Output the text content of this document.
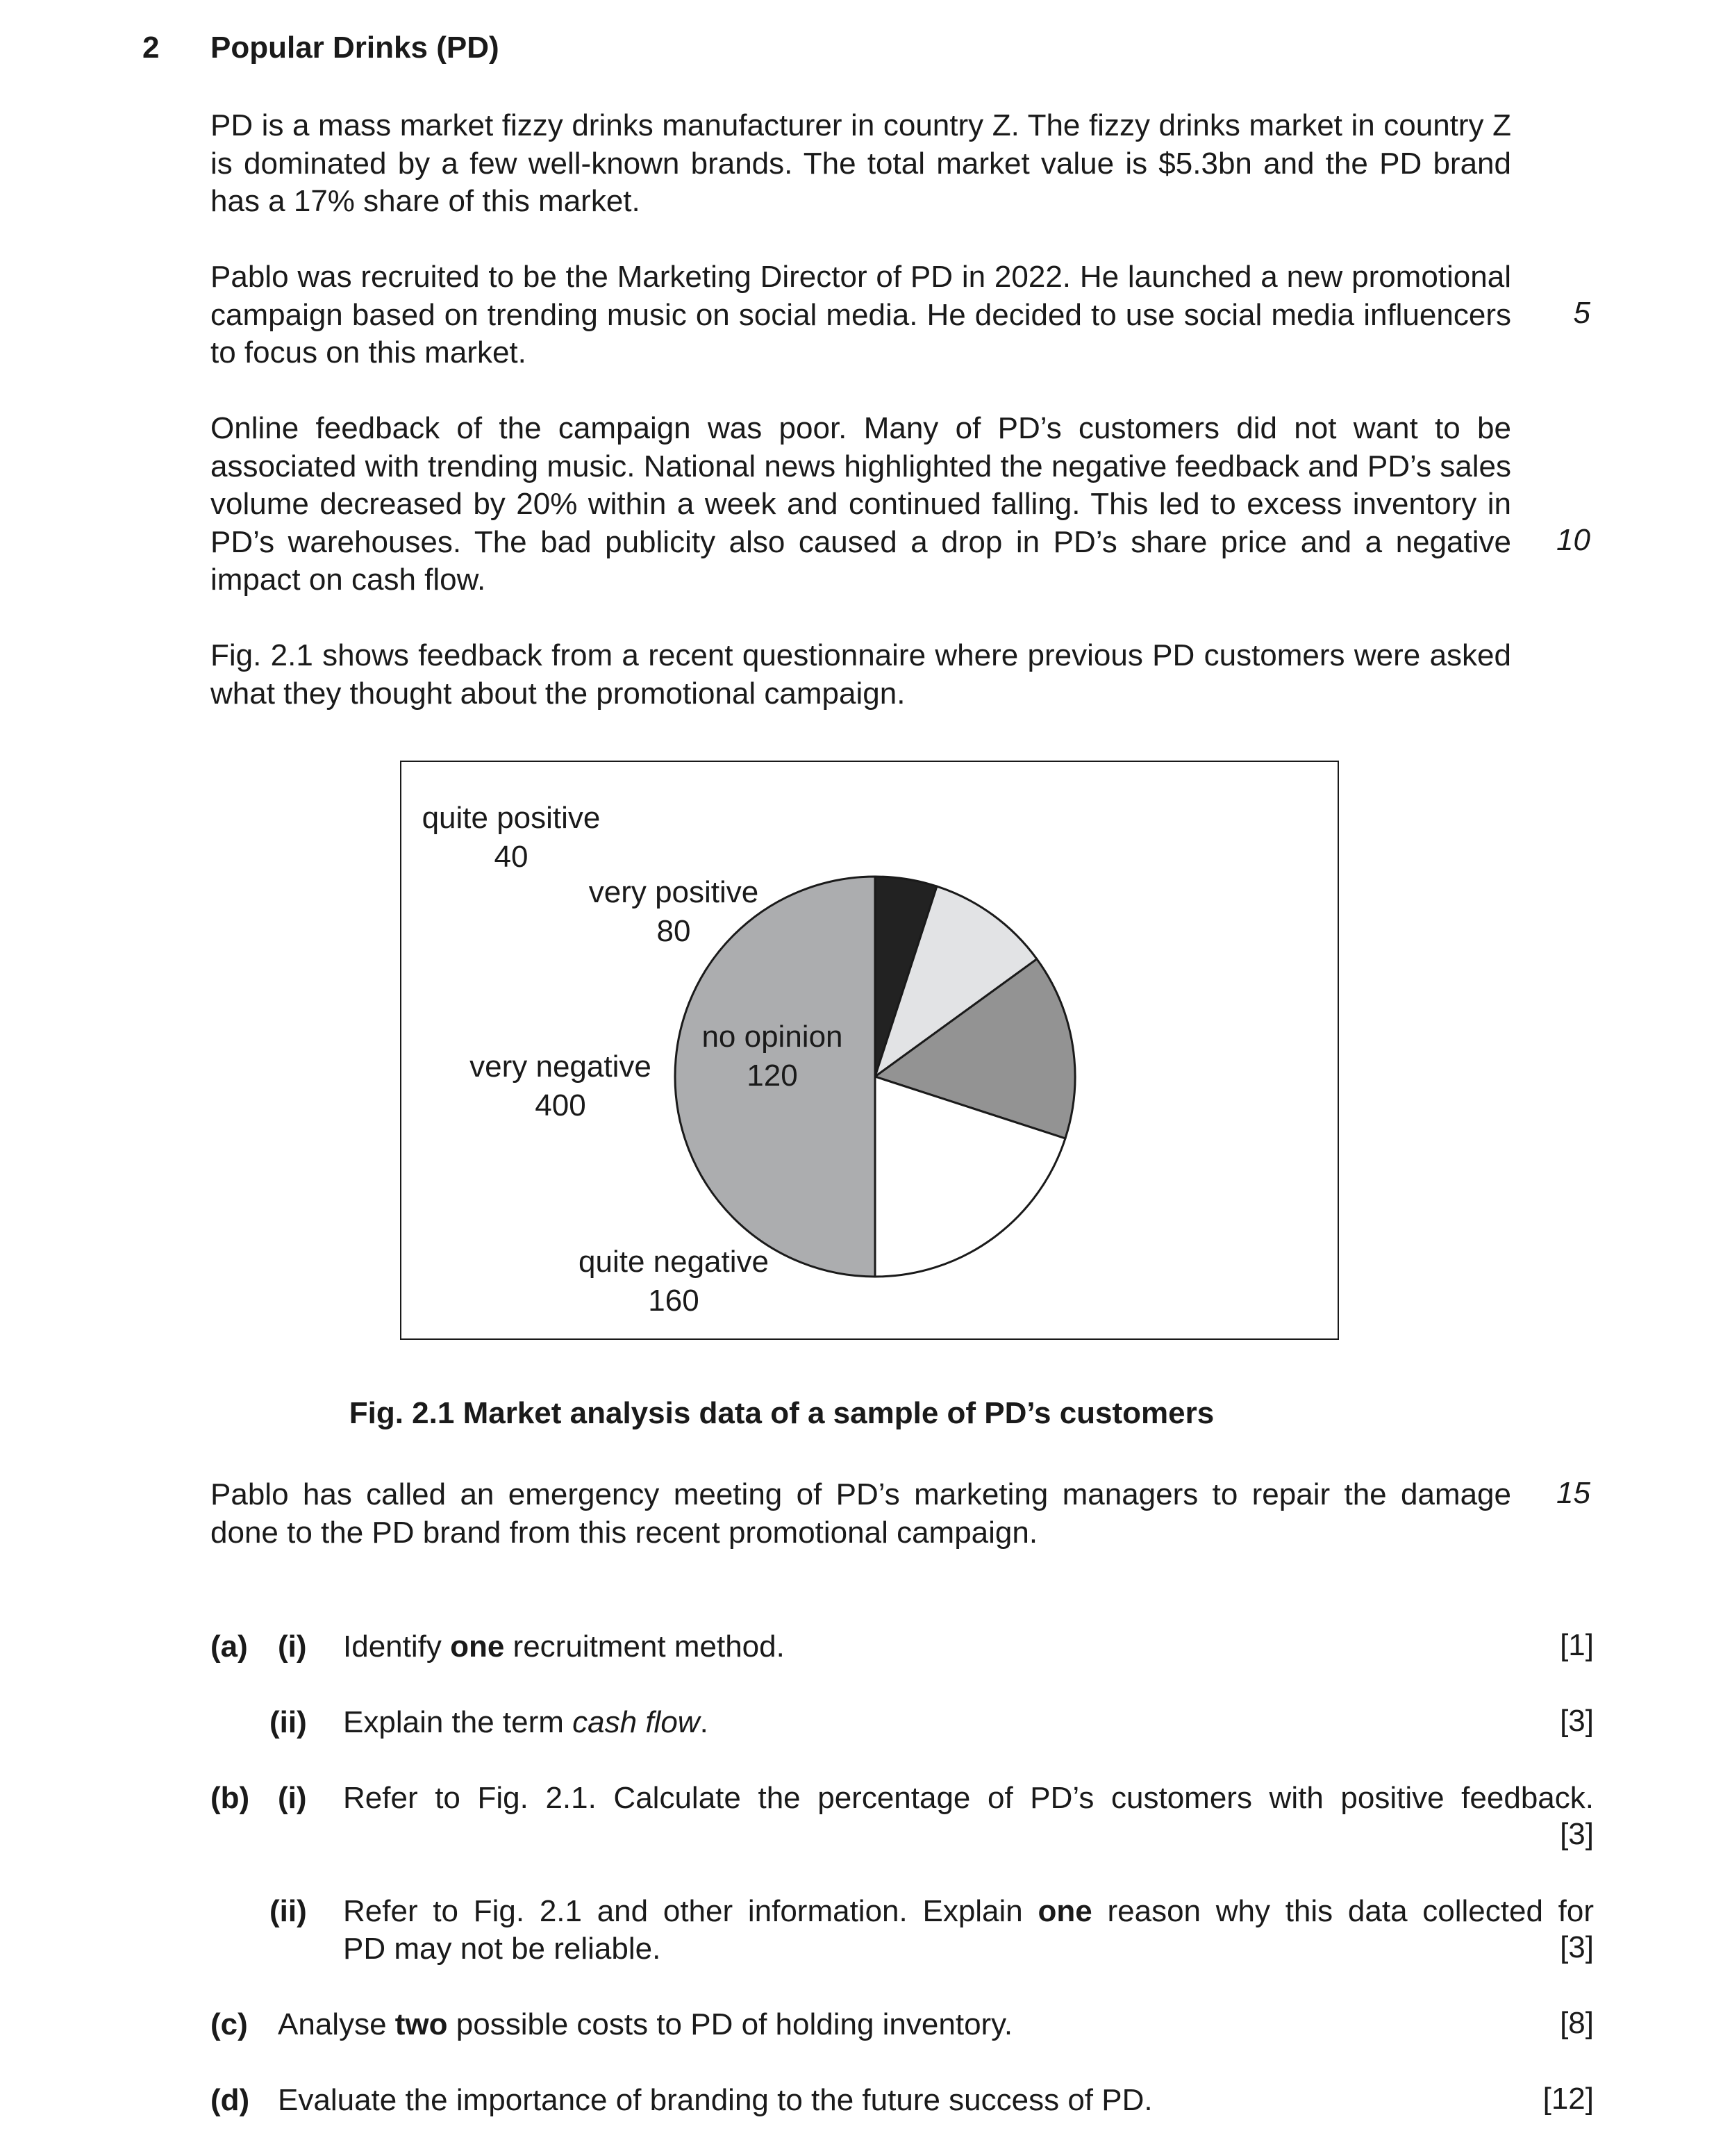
2 Popular Drinks (PD)

PD is a mass market fizzy drinks manufacturer in country Z. The fizzy drinks market in country Z is dominated by a few well-known brands. The total market value is $5.3bn and the PD brand has a 17% share of this market.

Pablo was recruited to be the Marketing Director of PD in 2022. He launched a new promotional campaign based on trending music on social media. He decided to use social media influencers to focus on this market.

Online feedback of the campaign was poor. Many of PD’s customers did not want to be associated with trending music. National news highlighted the negative feedback and PD’s sales volume decreased by 20% within a week and continued falling. This led to excess inventory in PD’s warehouses. The bad publicity also caused a drop in PD’s share price and a negative impact on cash flow.

Fig. 2.1 shows feedback from a recent questionnaire where previous PD customers were asked what they thought about the promotional campaign.

5
10
15
quite positive
40
very positive
80
no opinion
120
quite negative
160
very negative
400
Fig. 2.1 Market analysis data of a sample of PD’s customers

Pablo has called an emergency meeting of PD’s marketing managers to repair the damage done to the PD brand from this recent promotional campaign.

(a) (i) Identify one recruitment method.	[1]
(ii) Explain the term cash flow.	[3]
(b) (i) Refer to Fig. 2.1. Calculate the percentage of PD’s customers with positive feedback.
[3]
(ii) Refer to Fig. 2.1 and other information. Explain one reason why this data collected for
PD may not be reliable.	[3]
(c) Analyse two possible costs to PD of holding inventory.	[8]
(d) Evaluate the importance of branding to the future success of PD.	[12]
